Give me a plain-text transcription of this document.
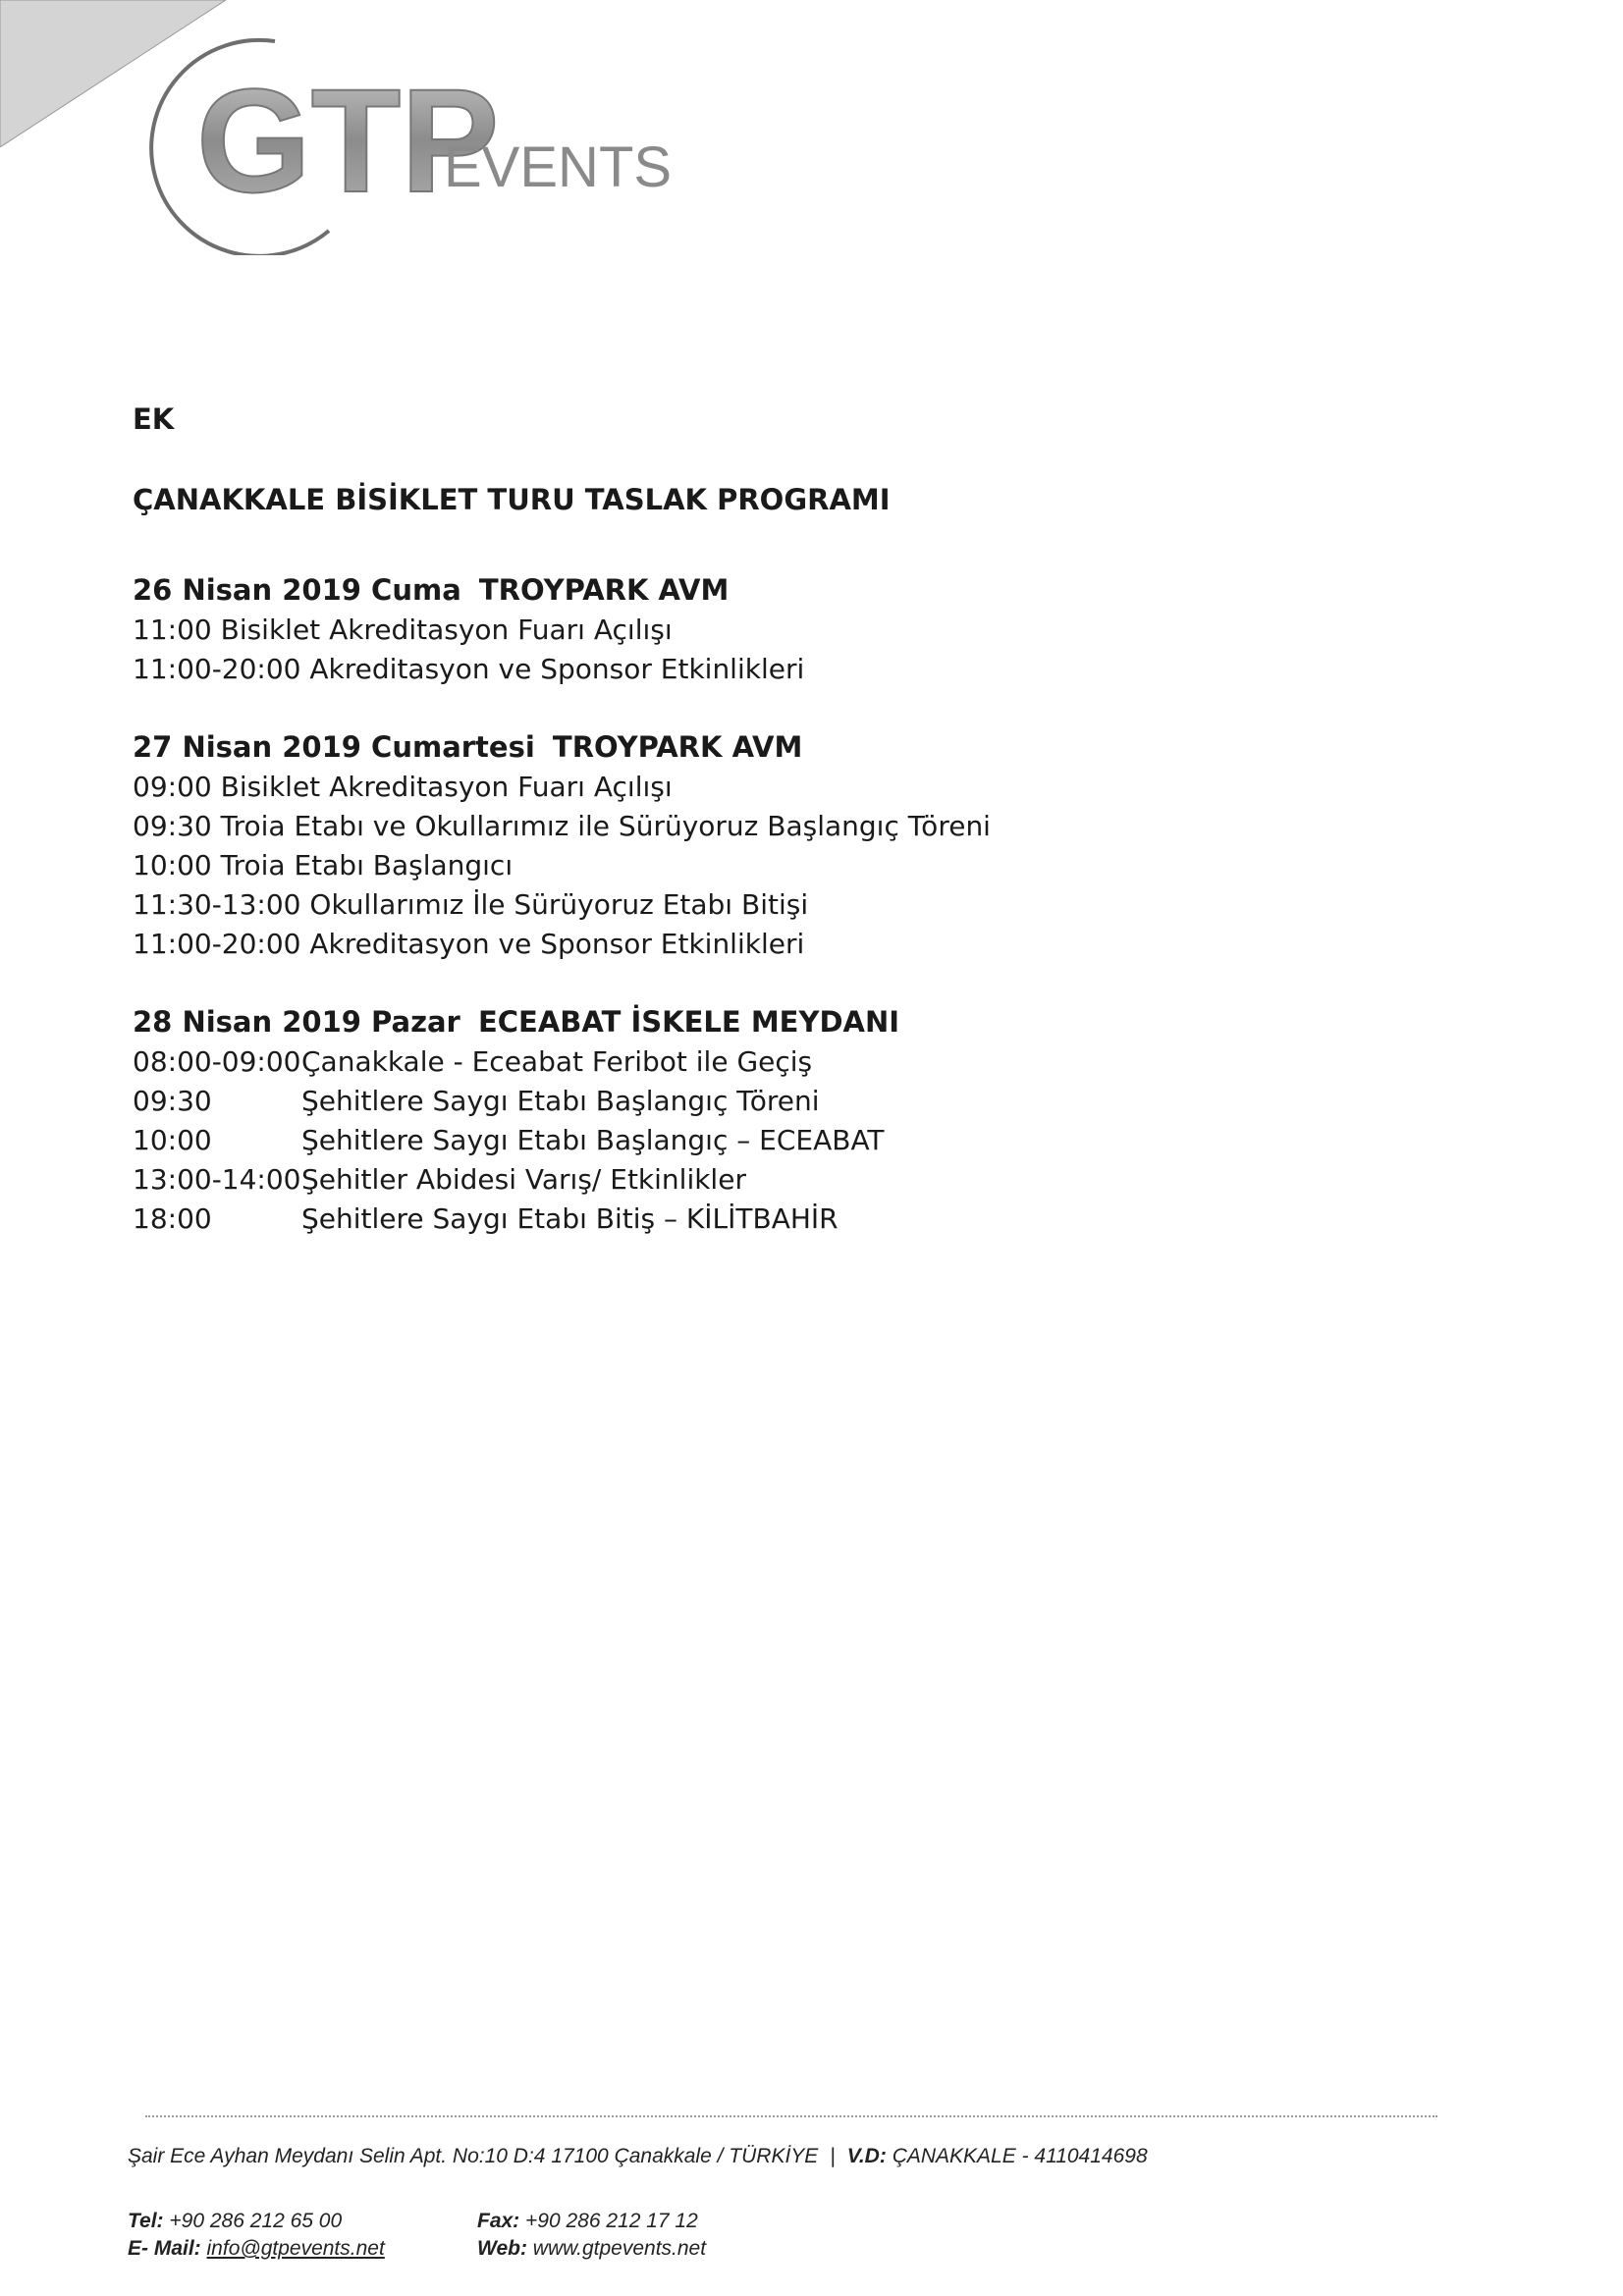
GTP
EVENTS
EK
ÇANAKKALE BİSİKLET TURU TASLAK PROGRAMI
26 Nisan 2019 Cuma TROYPARK AVM
11:00 Bisiklet Akreditasyon Fuarı Açılışı
11:00-20:00 Akreditasyon ve Sponsor Etkinlikleri
27 Nisan 2019 Cumartesi TROYPARK AVM
09:00 Bisiklet Akreditasyon Fuarı Açılışı
09:30 Troia Etabı ve Okullarımız ile Sürüyoruz Başlangıç Töreni
10:00 Troia Etabı Başlangıcı
11:30-13:00 Okullarımız İle Sürüyoruz Etabı Bitişi
11:00-20:00 Akreditasyon ve Sponsor Etkinlikleri
28 Nisan 2019 Pazar ECEABAT İSKELE MEYDANI
08:00-09:00Çanakkale - Eceabat Feribot ile Geçiş
09:30	Şehitlere Saygı Etabı Başlangıç Töreni
10:00	Şehitlere Saygı Etabı Başlangıç – ECEABAT
13:00-14:00Şehitler Abidesi Varış/ Etkinlikler
18:00	Şehitlere Saygı Etabı Bitiş – KİLİTBAHİR
Şair Ece Ayhan Meydanı Selin Apt. No:10 D:4 17100 Çanakkale / TÜRKİYE | V.D: ÇANAKKALE - 4110414698
Tel: +90 286 212 65 00	Fax: +90 286 212 17 12
E- Mail: info@gtpevents.net	Web: www.gtpevents.net
